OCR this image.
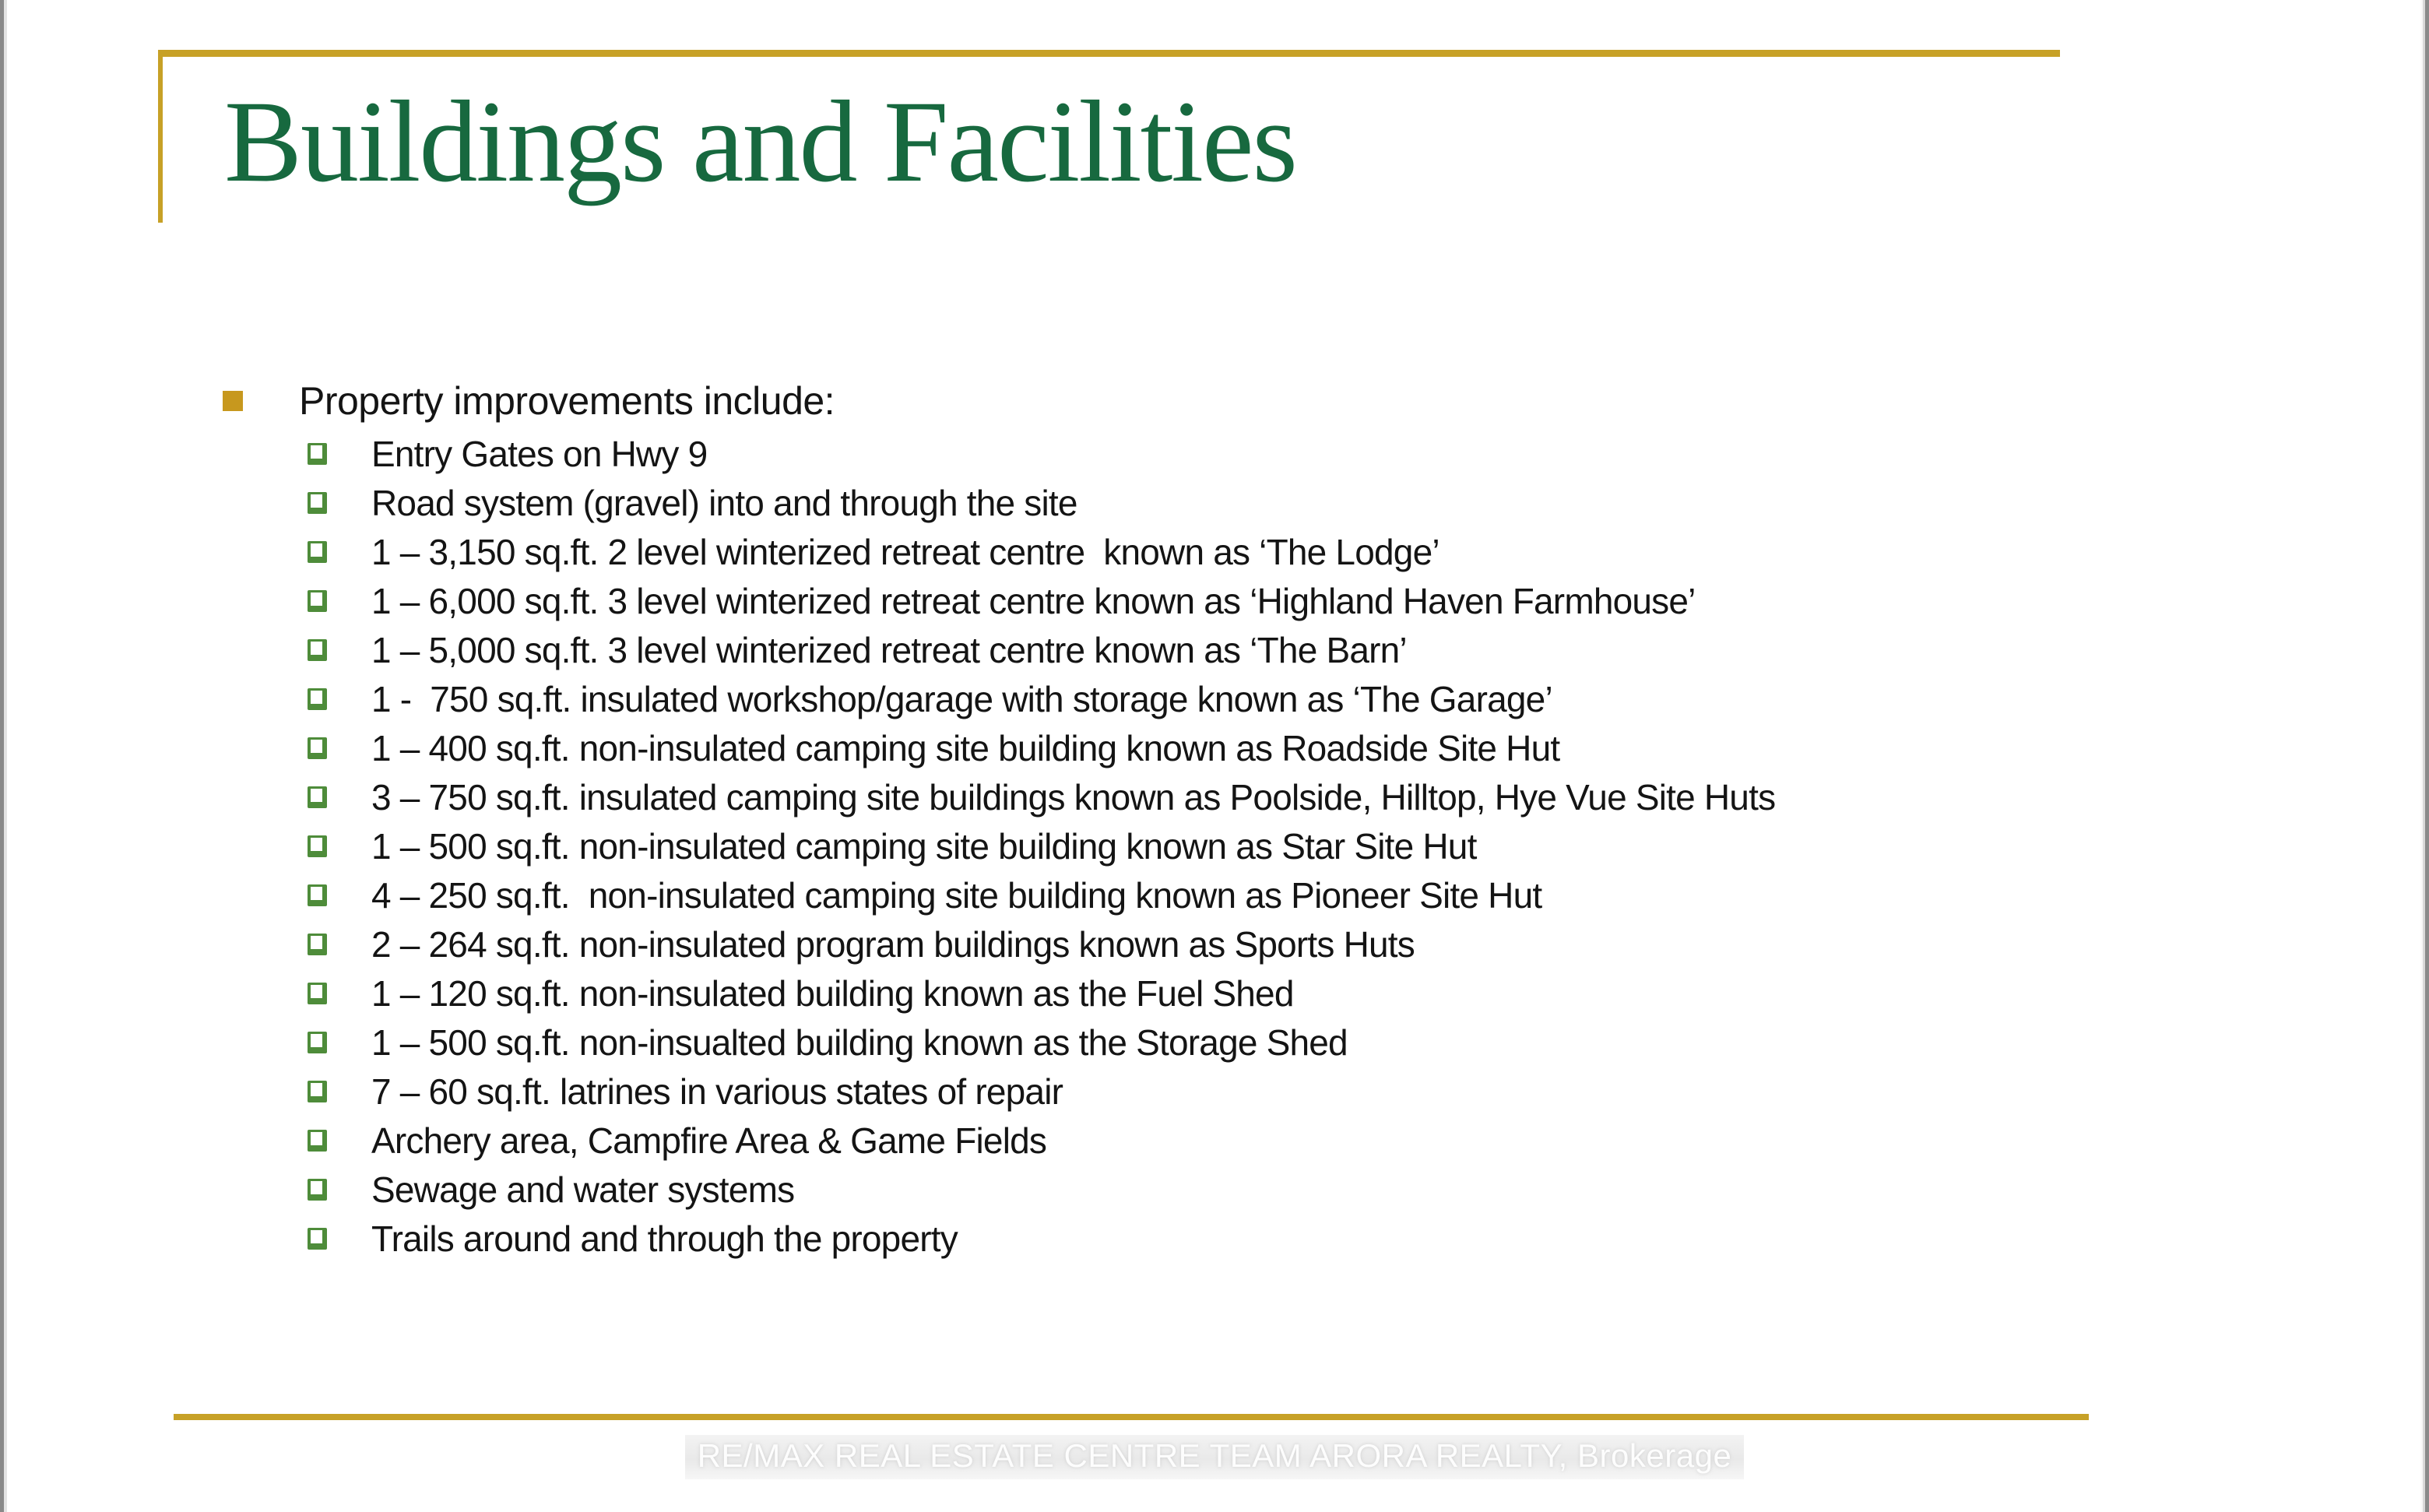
Buildings and Facilities
Property improvements include:
Entry Gates on Hwy 9
Road system (gravel) into and through the site
1 – 3,150 sq.ft. 2 level winterized retreat centre  known as ‘The Lodge’
1 – 6,000 sq.ft. 3 level winterized retreat centre known as ‘Highland Haven Farmhouse’
1 – 5,000 sq.ft. 3 level winterized retreat centre known as ‘The Barn’
1 -  750 sq.ft. insulated workshop/garage with storage known as ‘The Garage’
1 – 400 sq.ft. non-insulated camping site building known as Roadside Site Hut
3 – 750 sq.ft. insulated camping site buildings known as Poolside, Hilltop, Hye Vue Site Huts
1 – 500 sq.ft. non-insulated camping site building known as Star Site Hut
4 – 250 sq.ft.  non-insulated camping site building known as Pioneer Site Hut
2 – 264 sq.ft. non-insulated program buildings known as Sports Huts
1 – 120 sq.ft. non-insulated building known as the Fuel Shed
1 – 500 sq.ft. non-insualted building known as the Storage Shed
7 – 60 sq.ft. latrines in various states of repair
Archery area, Campfire Area & Game Fields
Sewage and water systems
Trails around and through the property
RE/MAX REAL ESTATE CENTRE TEAM ARORA REALTY, Brokerage
